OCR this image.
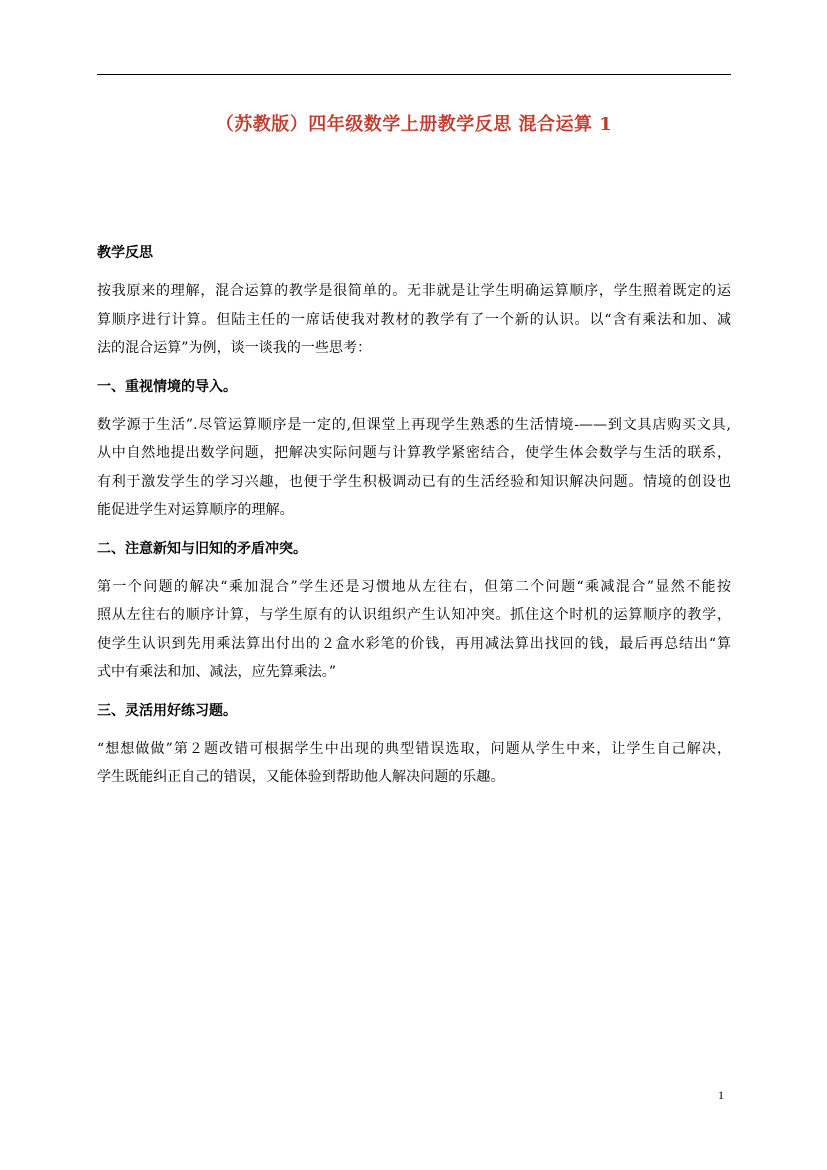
（苏教版）四年级数学上册教学反思 混合运算 1
教学反思
按我原来的理解，混合运算的教学是很简单的。无非就是让学生明确运算顺序，学生照着既定的运
算顺序进行计算。但陆主任的一席话使我对教材的教学有了一个新的认识。以“含有乘法和加、减
法的混合运算”为例，谈一谈我的一些思考：
一、重视情境的导入。
数学源于生活”.尽管运算顺序是一定的,但课堂上再现学生熟悉的生活情境-——到文具店购买文具,
从中自然地提出数学问题，把解决实际问题与计算教学紧密结合，使学生体会数学与生活的联系，
有利于激发学生的学习兴趣，也便于学生积极调动已有的生活经验和知识解决问题。情境的创设也
能促进学生对运算顺序的理解。
二、注意新知与旧知的矛盾冲突。
第一个问题的解决“乘加混合”学生还是习惯地从左往右，但第二个问题“乘减混合”显然不能按
照从左往右的顺序计算，与学生原有的认识组织产生认知冲突。抓住这个时机的运算顺序的教学，
使学生认识到先用乘法算出付出的２盒水彩笔的价钱，再用减法算出找回的钱，最后再总结出“算
式中有乘法和加、减法，应先算乘法。”
三、灵活用好练习题。
“想想做做”第２题改错可根据学生中出现的典型错误选取，问题从学生中来，让学生自己解决，
学生既能纠正自己的错误，又能体验到帮助他人解决问题的乐趣。
1
